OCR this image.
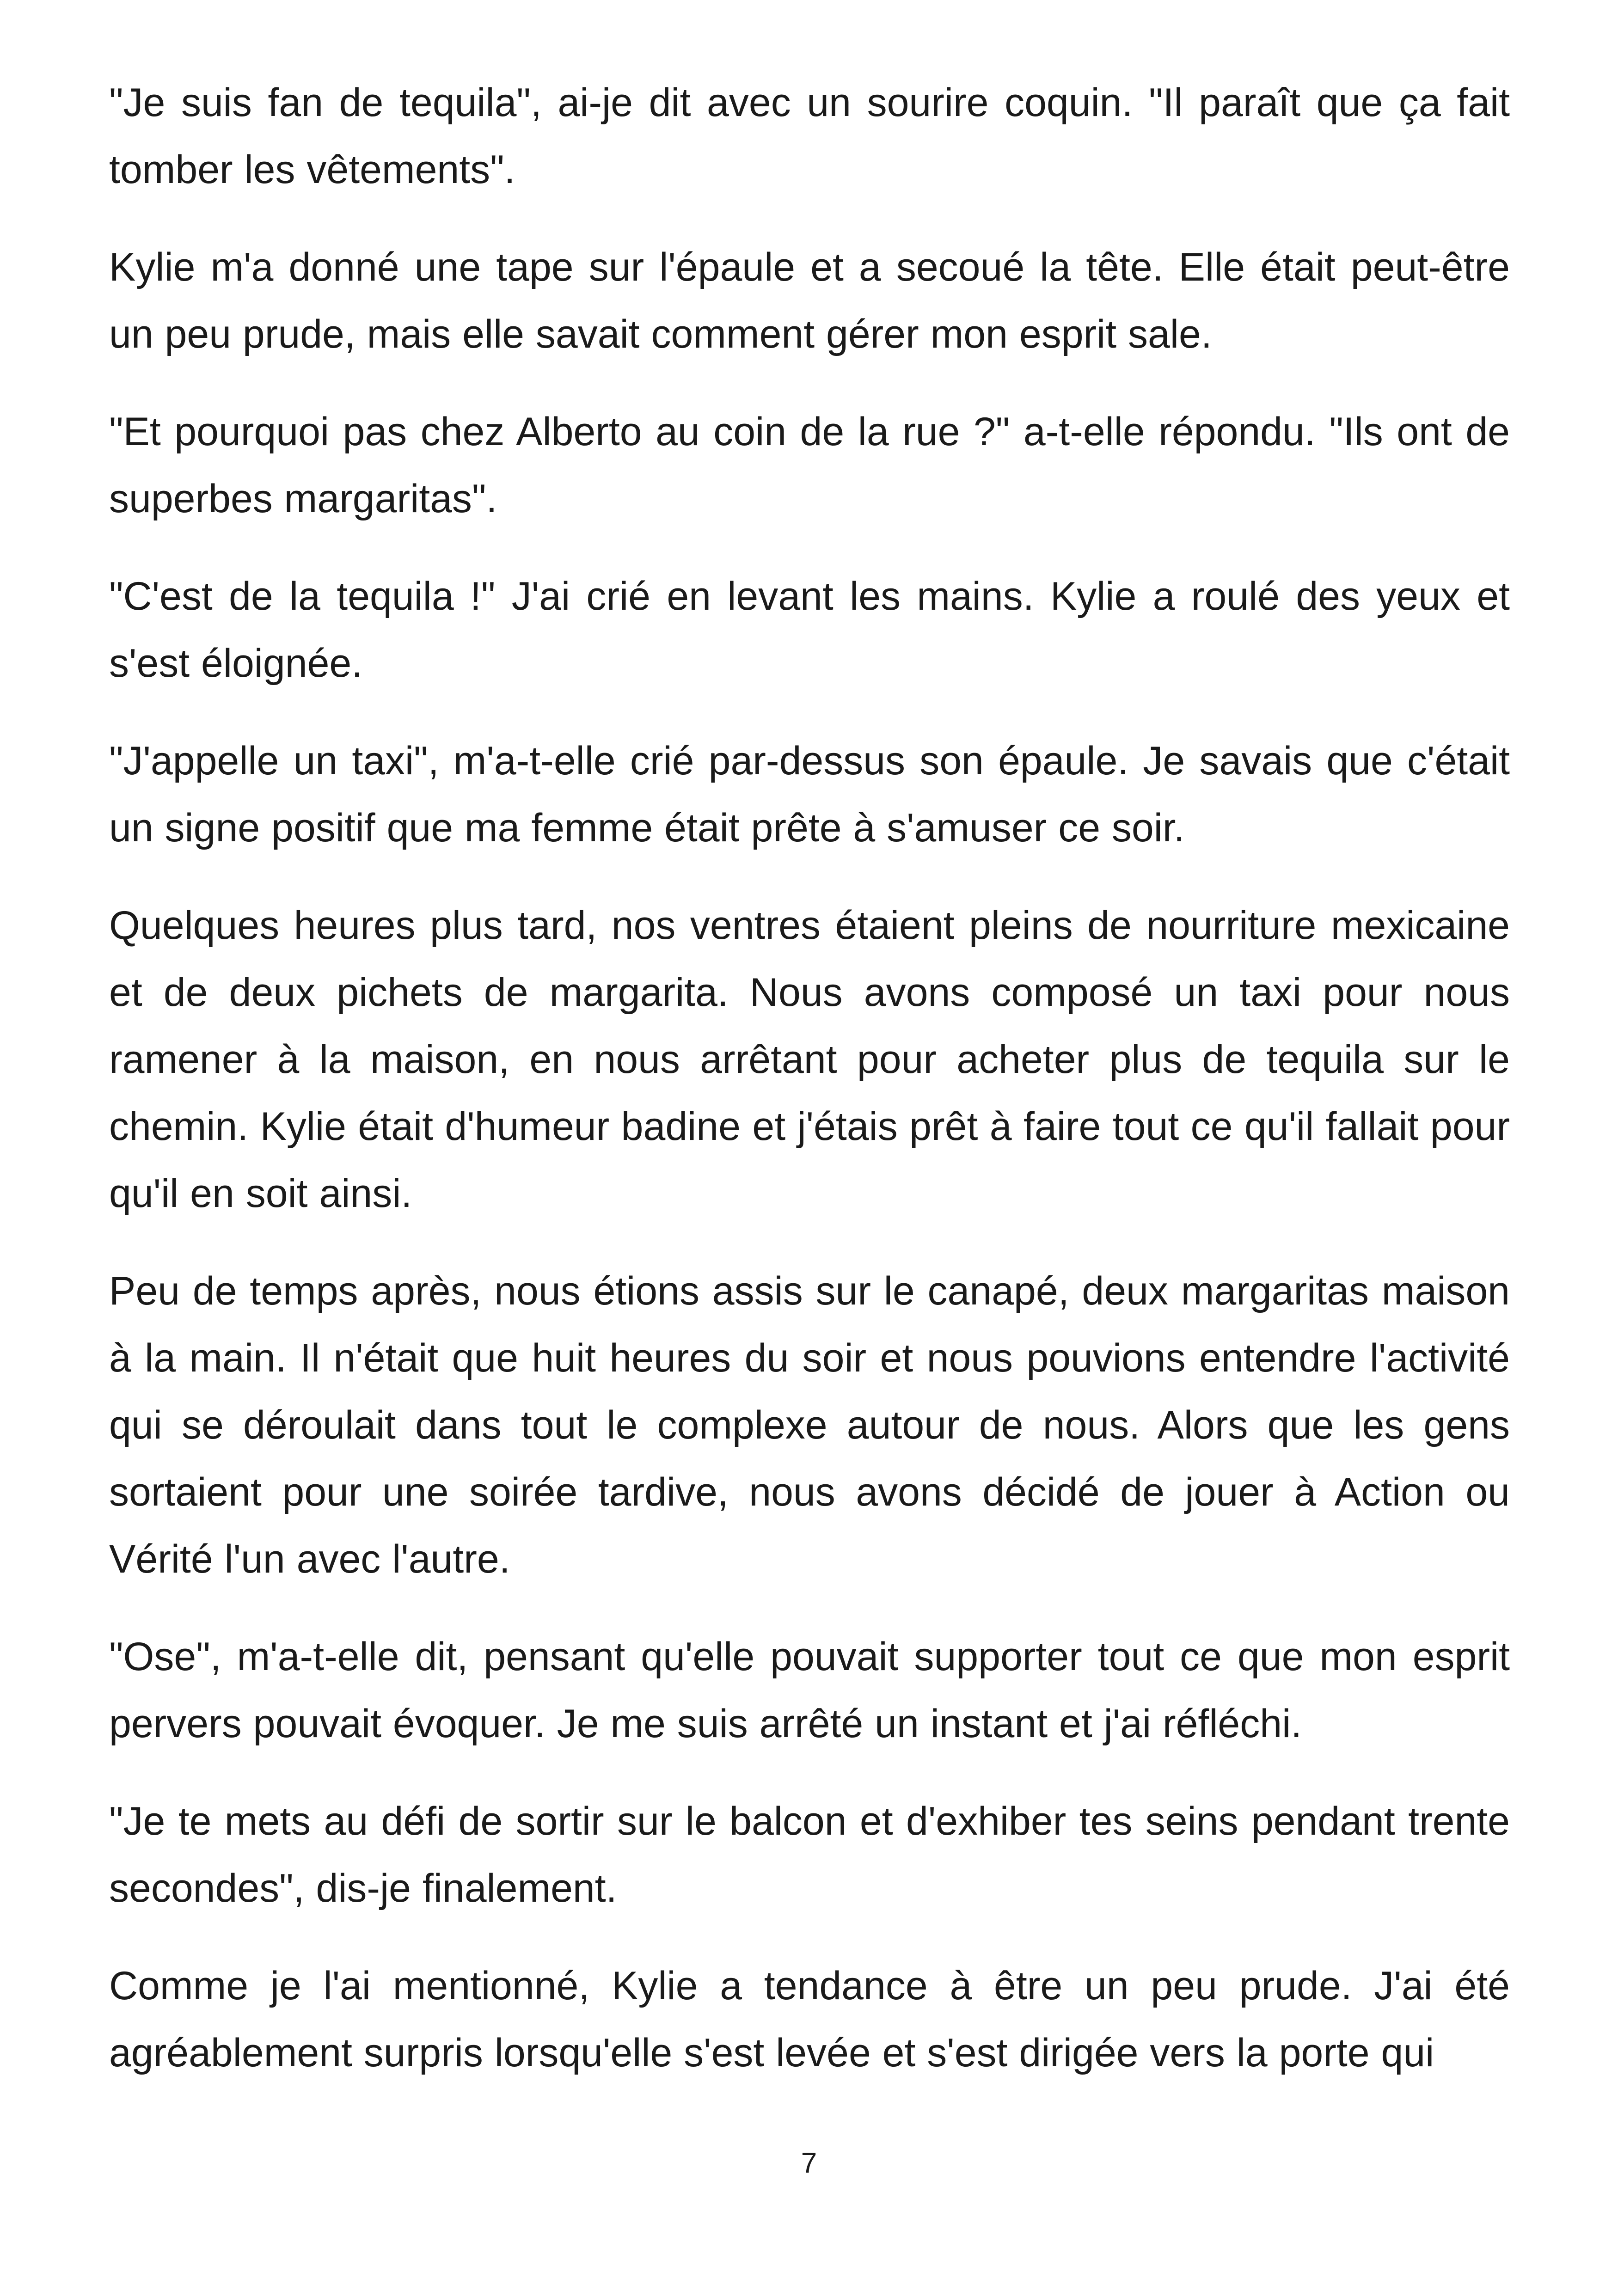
"Je suis fan de tequila", ai-je dit avec un sourire coquin. "Il paraît que ça fait tomber les vêtements".

Kylie m'a donné une tape sur l'épaule et a secoué la tête. Elle était peut-être un peu prude, mais elle savait comment gérer mon esprit sale.

"Et pourquoi pas chez Alberto au coin de la rue ?" a-t-elle répondu. "Ils ont de superbes margaritas".

"C'est de la tequila !" J'ai crié en levant les mains. Kylie a roulé des yeux et s'est éloignée.

"J'appelle un taxi", m'a-t-elle crié par-dessus son épaule. Je savais que c'était un signe positif que ma femme était prête à s'amuser ce soir.

Quelques heures plus tard, nos ventres étaient pleins de nourriture mexicaine et de deux pichets de margarita. Nous avons composé un taxi pour nous ramener à la maison, en nous arrêtant pour acheter plus de tequila sur le chemin. Kylie était d'humeur badine et j'étais prêt à faire tout ce qu'il fallait pour qu'il en soit ainsi.

Peu de temps après, nous étions assis sur le canapé, deux margaritas maison à la main. Il n'était que huit heures du soir et nous pouvions entendre l'activité qui se déroulait dans tout le complexe autour de nous. Alors que les gens sortaient pour une soirée tardive, nous avons décidé de jouer à Action ou Vérité l'un avec l'autre.

"Ose", m'a-t-elle dit, pensant qu'elle pouvait supporter tout ce que mon esprit pervers pouvait évoquer. Je me suis arrêté un instant et j'ai réfléchi.

"Je te mets au défi de sortir sur le balcon et d'exhiber tes seins pendant trente secondes", dis-je finalement.

Comme je l'ai mentionné, Kylie a tendance à être un peu prude. J'ai été agréablement surpris lorsqu'elle s'est levée et s'est dirigée vers la porte qui

7
